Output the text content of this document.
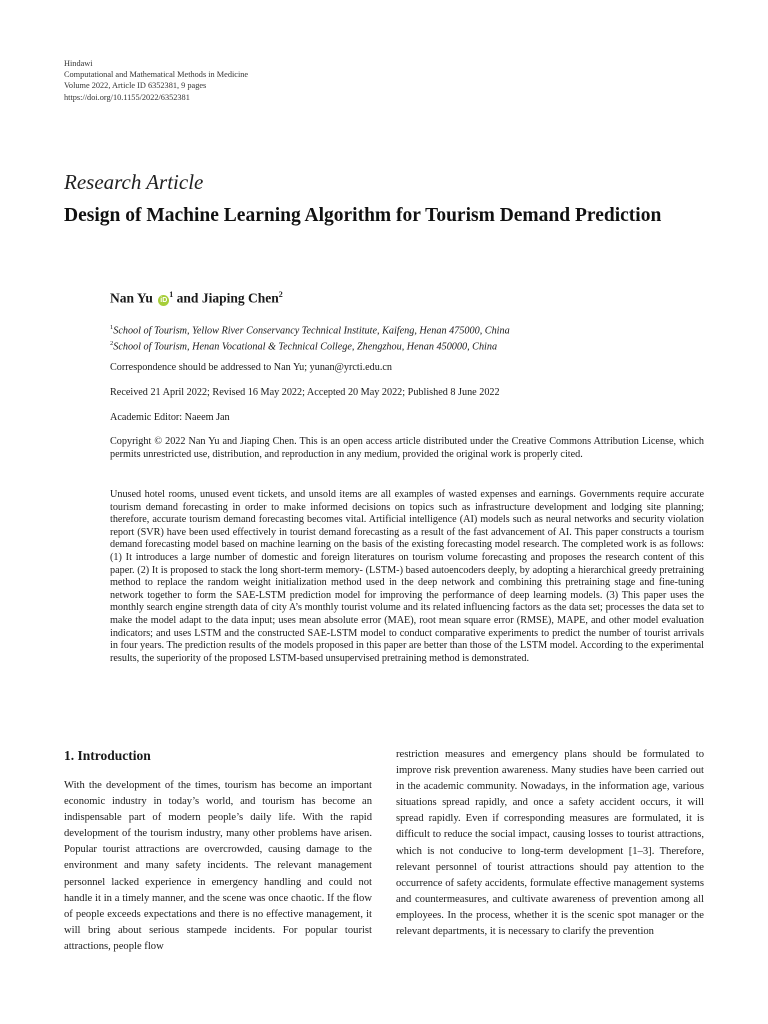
Hindawi
Computational and Mathematical Methods in Medicine
Volume 2022, Article ID 6352381, 9 pages
https://doi.org/10.1155/2022/6352381
Research Article
Design of Machine Learning Algorithm for Tourism Demand Prediction
Nan Yu $iD^1$ and Jiaping Chen$^2$
$^1$School of Tourism, Yellow River Conservancy Technical Institute, Kaifeng, Henan 475000, China
$^2$School of Tourism, Henan Vocational & Technical College, Zhengzhou, Henan 450000, China
Correspondence should be addressed to Nan Yu; yunan@yrcti.edu.cn
Received 21 April 2022; Revised 16 May 2022; Accepted 20 May 2022; Published 8 June 2022
Academic Editor: Naeem Jan
Copyright © 2022 Nan Yu and Jiaping Chen. This is an open access article distributed under the Creative Commons Attribution License, which permits unrestricted use, distribution, and reproduction in any medium, provided the original work is properly cited.
Unused hotel rooms, unused event tickets, and unsold items are all examples of wasted expenses and earnings. Governments require accurate tourism demand forecasting in order to make informed decisions on topics such as infrastructure development and lodging site planning; therefore, accurate tourism demand forecasting becomes vital. Artificial intelligence (AI) models such as neural networks and security violation report (SVR) have been used effectively in tourist demand forecasting as a result of the fast advancement of AI. This paper constructs a tourism demand forecasting model based on machine learning on the basis of the existing forecasting model research. The completed work is as follows: (1) It introduces a large number of domestic and foreign literatures on tourism volume forecasting and proposes the research content of this paper. (2) It is proposed to stack the long short-term memory- (LSTM-) based autoencoders deeply, by adopting a hierarchical greedy pretraining method to replace the random weight initialization method used in the deep network and combining this pretraining stage and fine-tuning network together to form the SAE-LSTM prediction model for improving the performance of deep learning models. (3) This paper uses the monthly search engine strength data of city A’s monthly tourist volume and its related influencing factors as the data set; processes the data set to make the model adapt to the data input; uses mean absolute error (MAE), root mean square error (RMSE), MAPE, and other model evaluation indicators; and uses LSTM and the constructed SAE-LSTM model to conduct comparative experiments to predict the number of tourist arrivals in four years. The prediction results of the models proposed in this paper are better than those of the LSTM model. According to the experimental results, the superiority of the proposed LSTM-based unsupervised pretraining method is demonstrated.
1. Introduction
With the development of the times, tourism has become an important economic industry in today’s world, and tourism has become an indispensable part of modern people’s daily life. With the rapid development of the tourism industry, many other problems have arisen. Popular tourist attractions are overcrowded, causing damage to the environment and many safety incidents. The relevant management personnel lacked experience in emergency handling and could not handle it in a timely manner, and the scene was once chaotic. If the flow of people exceeds expectations and there is no effective management, it will bring about serious stampede incidents. For popular tourist attractions, people flow
restriction measures and emergency plans should be formulated to improve risk prevention awareness. Many studies have been carried out in the academic community. Nowadays, in the information age, various situations spread rapidly, and once a safety accident occurs, it will spread rapidly. Even if corresponding measures are formulated, it is difficult to reduce the social impact, causing losses to tourist attractions, which is not conducive to long-term development [1–3]. Therefore, relevant personnel of tourist attractions should pay attention to the occurrence of safety accidents, formulate effective management systems and countermeasures, and cultivate awareness of prevention among all employees. In the process, whether it is the scenic spot manager or the relevant departments, it is necessary to clarify the prevention
